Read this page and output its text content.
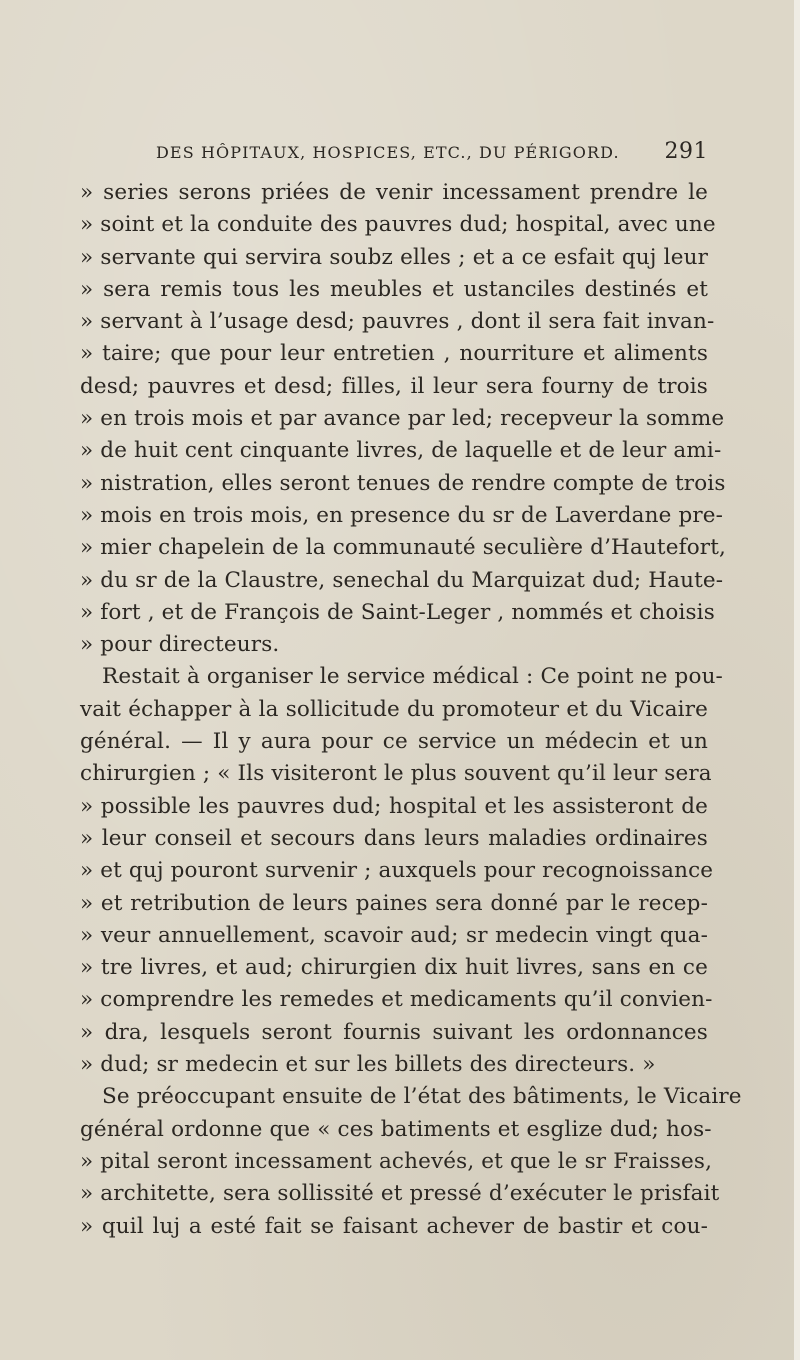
DES HÔPITAUX, HOSPICES, ETC., DU PÉRIGORD. 291
» series serons priées de venir incessament prendre le
» soint et la conduite des pauvres dud; hospital, avec une
» servante qui servira soubz elles ; et a ce esfait quj leur
» sera remis tous les meubles et ustanciles destinés et
» servant à l’usage desd; pauvres , dont il sera fait invan-
» taire; que pour leur entretien , nourriture et aliments
desd; pauvres et desd; filles, il leur sera fourny de trois
» en trois mois et par avance par led; recepveur la somme
» de huit cent cinquante livres, de laquelle et de leur ami-
» nistration, elles seront tenues de rendre compte de trois
» mois en trois mois, en presence du sr de Laverdane pre-
» mier chapelein de la communauté seculière d’Hautefort,
» du sr de la Claustre, senechal du Marquizat dud; Haute-
» fort , et de François de Saint-Leger , nommés et choisis
» pour directeurs.
Restait à organiser le service médical : Ce point ne pou-
vait échapper à la sollicitude du promoteur et du Vicaire
général. — Il y aura pour ce service un médecin et un
chirurgien ; « Ils visiteront le plus souvent qu’il leur sera
» possible les pauvres dud; hospital et les assisteront de
» leur conseil et secours dans leurs maladies ordinaires
» et quj pouront survenir ; auxquels pour recognoissance
» et retribution de leurs paines sera donné par le recep-
» veur annuellement, scavoir aud; sr medecin vingt qua-
» tre livres, et aud; chirurgien dix huit livres, sans en ce
» comprendre les remedes et medicaments qu’il convien-
» dra, lesquels seront fournis suivant les ordonnances
» dud; sr medecin et sur les billets des directeurs. »
Se préoccupant ensuite de l’état des bâtiments, le Vicaire
général ordonne que « ces batiments et esglize dud; hos-
» pital seront incessament achevés, et que le sr Fraisses,
» architette, sera sollissité et pressé d’exécuter le prisfait
» quil luj a esté fait se faisant achever de bastir et cou-
